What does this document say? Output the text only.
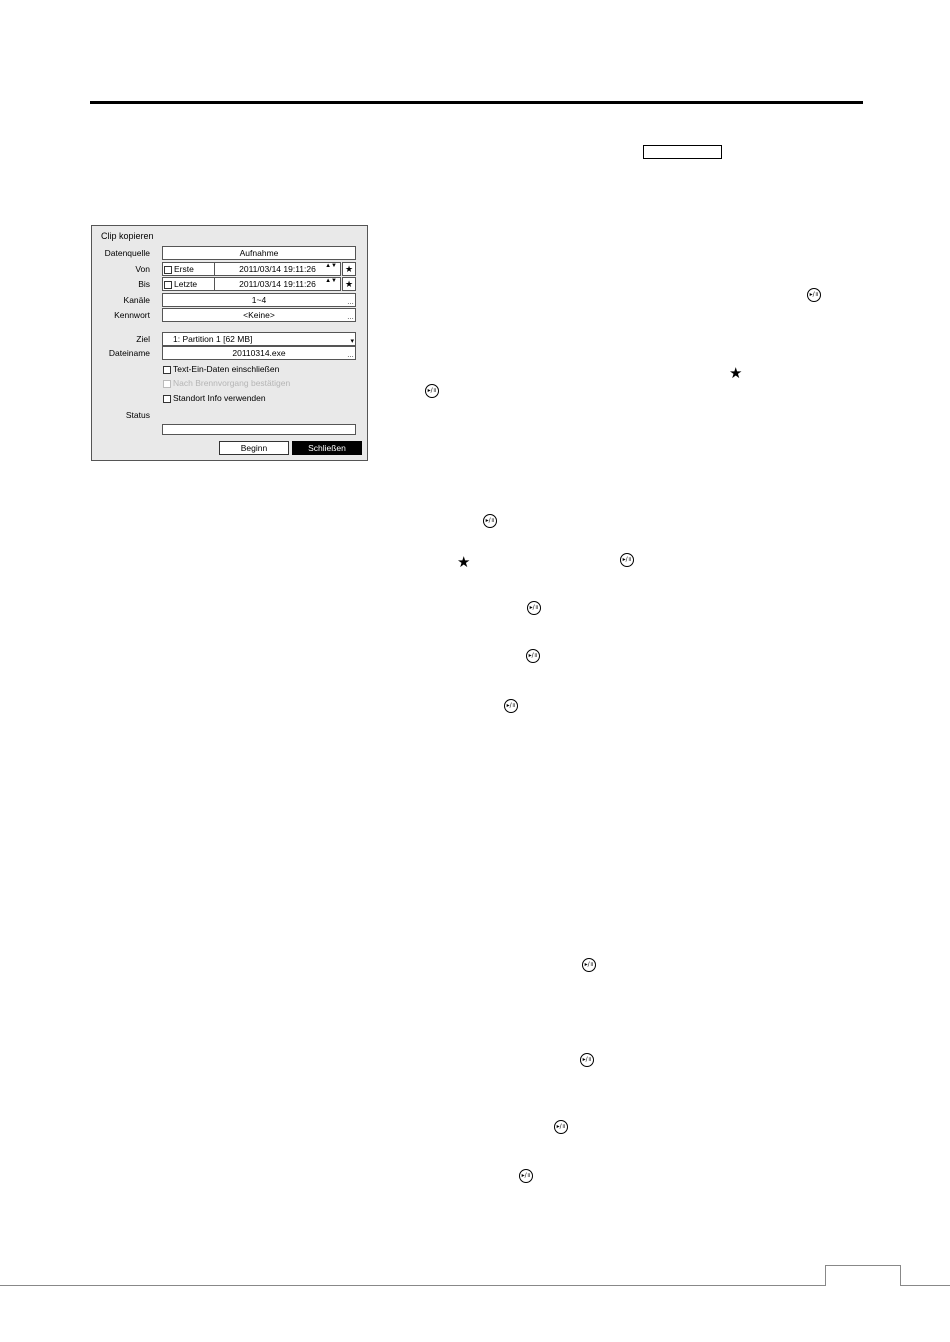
Clip kopieren
Datenquelle	Aufnahme
Von	Erste	2011/03/14 19:11:26 ▲▼ ★
Bis	Letzte	2011/03/14 19:11:26 ▲▼ ★
Kanäle	1~4	…
Kennwort	<Keine>	…
Ziel	1: Partition 1 [62 MB]	▾
Dateiname	20110314.exe	…
Text-Ein-Daten einschließen
Nach Brennvorgang bestätigen
Standort Info verwenden
Status
Beginn	Schließen
▸/॥
★
▸/॥
▸/॥
★	▸/॥
▸/॥
▸/॥
▸/॥
▸/॥
▸/॥
▸/॥
▸/॥
